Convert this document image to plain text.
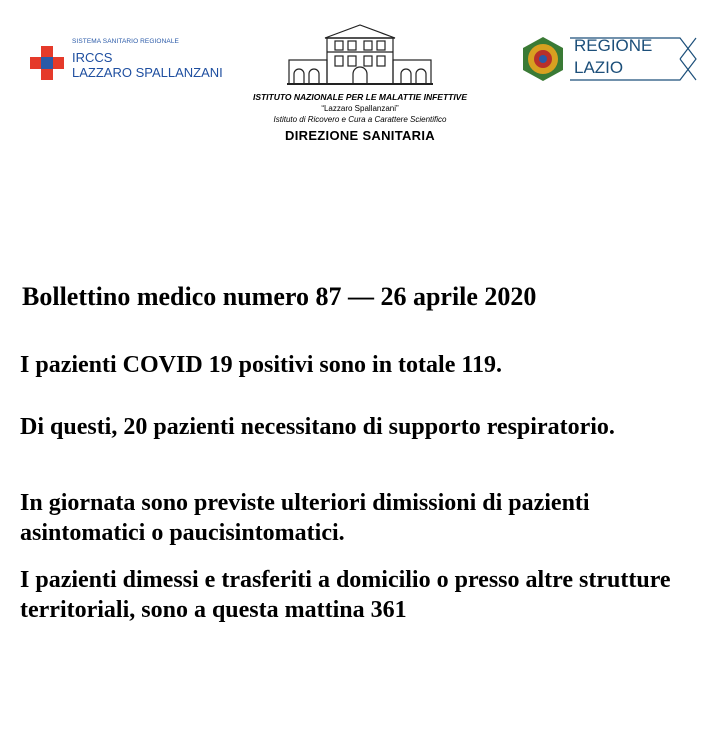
SISTEMA SANITARIO REGIONALE
IRCCS
LAZZARO SPALLANZANI
ISTITUTO NAZIONALE PER LE MALATTIE INFETTIVE
“Lazzaro Spallanzani”
Istituto di Ricovero e Cura a Carattere Scientifico
DIREZIONE SANITARIA
REGIONE
LAZIO
Bollettino medico numero 87 — 26 aprile 2020
I pazienti COVID 19 positivi sono in totale 119.
Di questi, 20 pazienti necessitano di supporto respiratorio.
In giornata sono previste ulteriori dimissioni di pazienti asintomatici o paucisintomatici.
I pazienti dimessi e trasferiti a domicilio o presso altre strutture territoriali, sono a questa mattina 361
